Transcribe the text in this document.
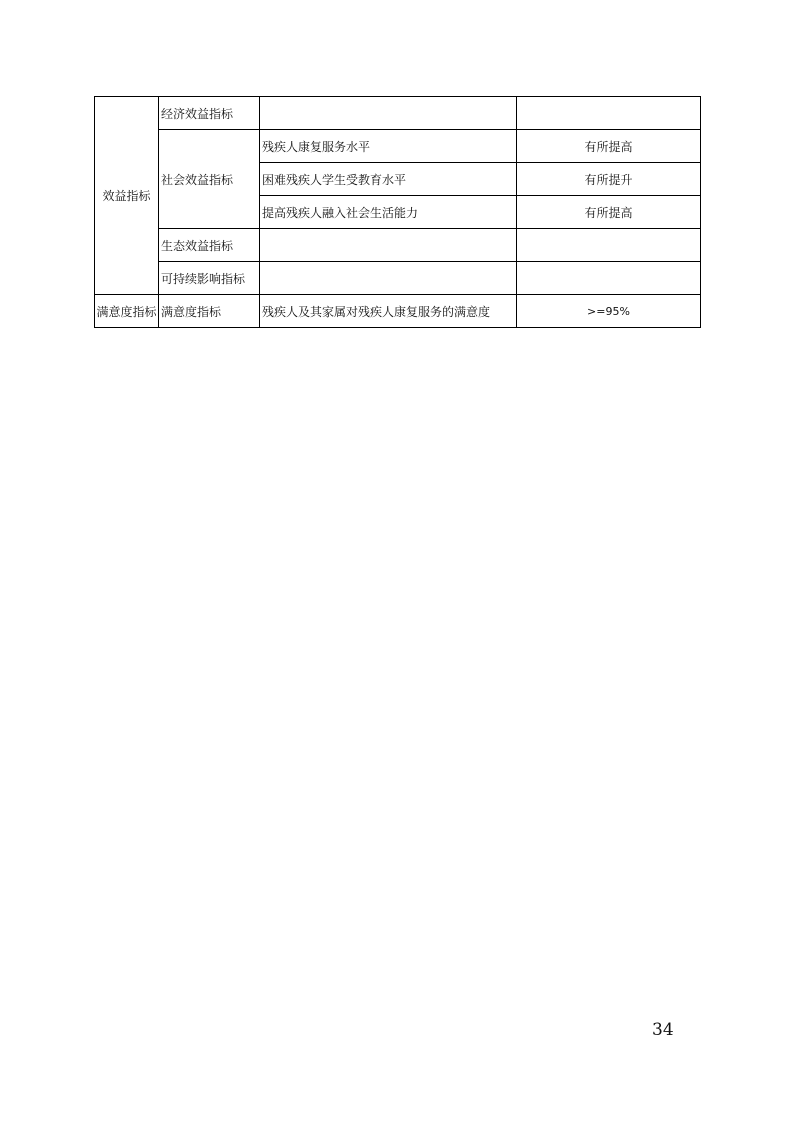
效益指标	经济效益指标		
	社会效益指标	残疾人康复服务水平	有所提高
		困难残疾人学生受教育水平	有所提升
		提高残疾人融入社会生活能力	有所提高
	生态效益指标		
	可持续影响指标		
满意度指标	满意度指标	残疾人及其家属对残疾人康复服务的满意度	>=95%
34
